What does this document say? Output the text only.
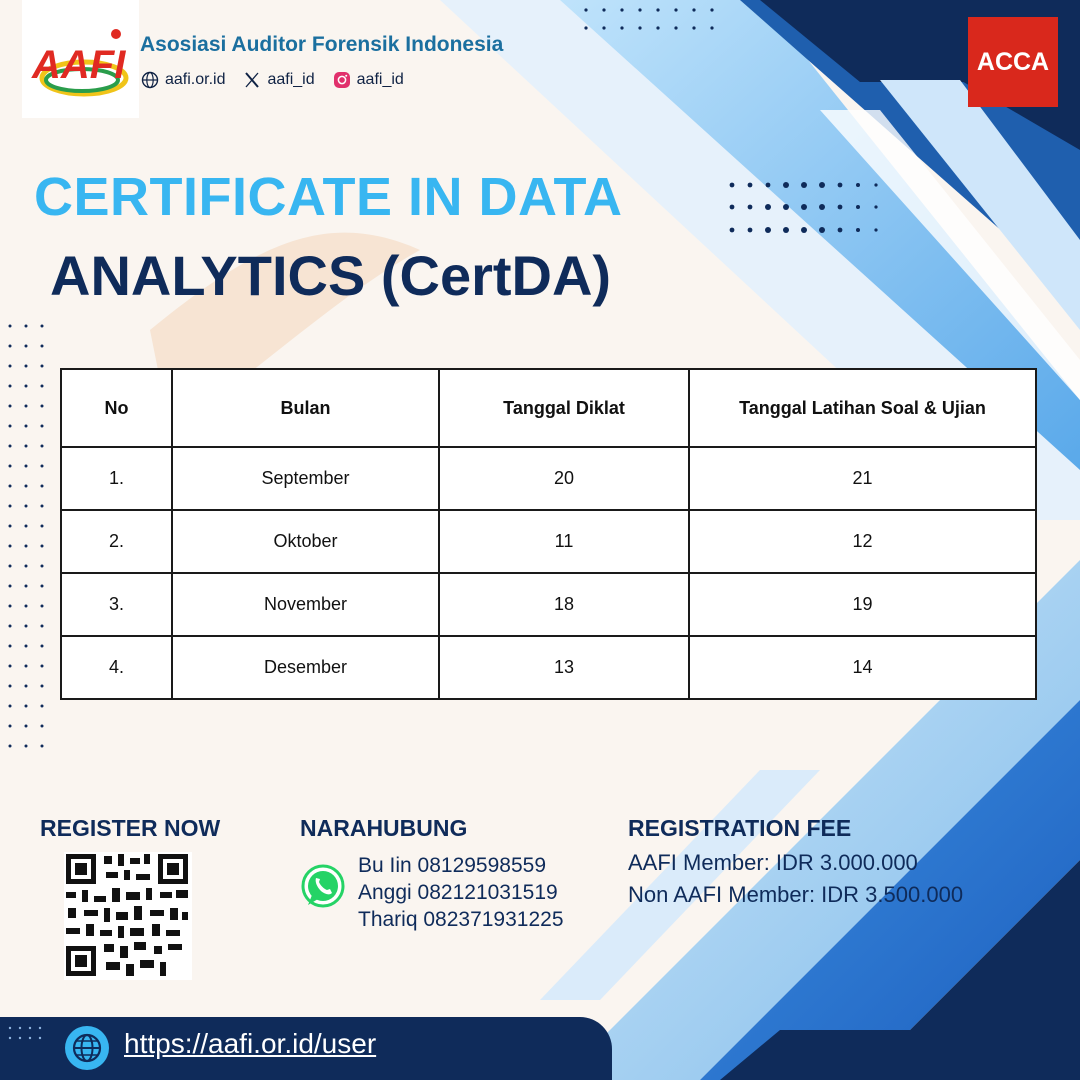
AAFI Asosiasi Auditor Forensik Indonesia
aafi.or.id	aafi_id	aafi_id
ACCA
CERTIFICATE IN DATA
ANALYTICS (CertDA)
No	Bulan	Tanggal Diklat	Tanggal Latihan Soal & Ujian
1.	September	20	21
2.	Oktober	11	12
3.	November	18	19
4.	Desember	13	14
REGISTER NOW	NARAHUBUNG
Bu Iin 08129598559
Anggi 082121031519
Thariq 082371931225
REGISTRATION FEE
AAFI Member: IDR 3.000.000
Non AAFI Member: IDR 3.500.000
https://aafi.or.id/user
